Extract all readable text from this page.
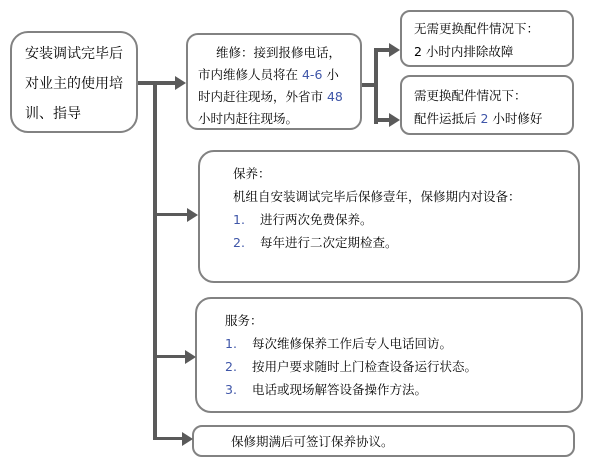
安装调试完毕后对业主的使用培训、指导
维修：接到报修电话，市内维修人员将在 4-6 小时内赶往现场，外省市 48 小时内赶往现场。
无需更换配件情况下：
2 小时内排除故障
需更换配件情况下：
配件运抵后 2 小时修好
保养：
机组自安装调试完毕后保修壹年，保修期内对设备：
1.	进行两次免费保养。
2.	每年进行二次定期检查。
服务：
1.	每次维修保养工作后专人电话回访。
2.	按用户要求随时上门检查设备运行状态。
3.	电话或现场解答设备操作方法。
保修期满后可签订保养协议。
